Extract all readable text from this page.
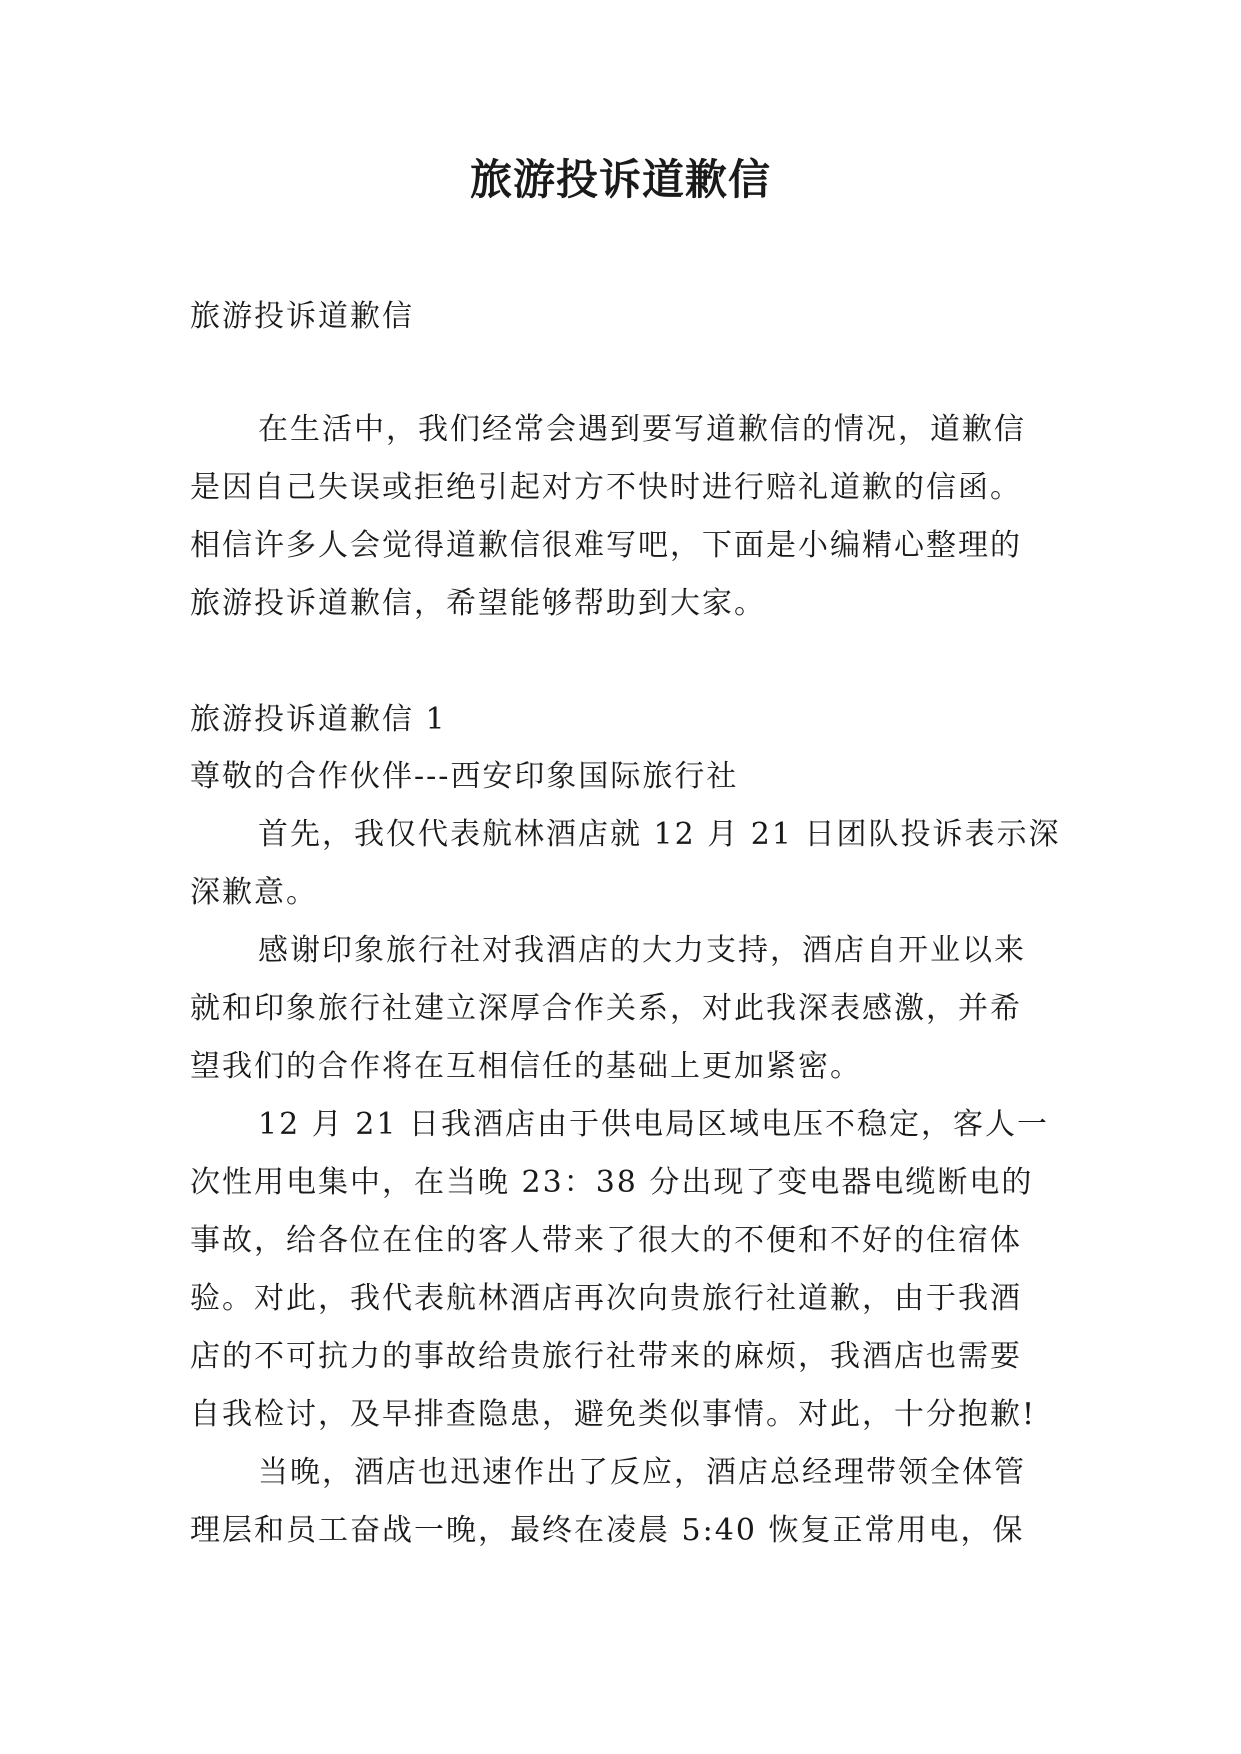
旅游投诉道歉信
旅游投诉道歉信
在生活中，我们经常会遇到要写道歉信的情况，道歉信
是因自己失误或拒绝引起对方不快时进行赔礼道歉的信函。
相信许多人会觉得道歉信很难写吧，下面是小编精心整理的
旅游投诉道歉信，希望能够帮助到大家。
旅游投诉道歉信 1
尊敬的合作伙伴---西安印象国际旅行社
首先，我仅代表航林酒店就 12 月 21 日团队投诉表示深
深歉意。
感谢印象旅行社对我酒店的大力支持，酒店自开业以来
就和印象旅行社建立深厚合作关系，对此我深表感激，并希
望我们的合作将在互相信任的基础上更加紧密。
12 月 21 日我酒店由于供电局区域电压不稳定，客人一
次性用电集中，在当晚 23：38 分出现了变电器电缆断电的
事故，给各位在住的客人带来了很大的不便和不好的住宿体
验。对此，我代表航林酒店再次向贵旅行社道歉，由于我酒
店的不可抗力的事故给贵旅行社带来的麻烦，我酒店也需要
自我检讨，及早排查隐患，避免类似事情。对此，十分抱歉!
当晚，酒店也迅速作出了反应，酒店总经理带领全体管
理层和员工奋战一晚，最终在凌晨 5:40 恢复正常用电，保
